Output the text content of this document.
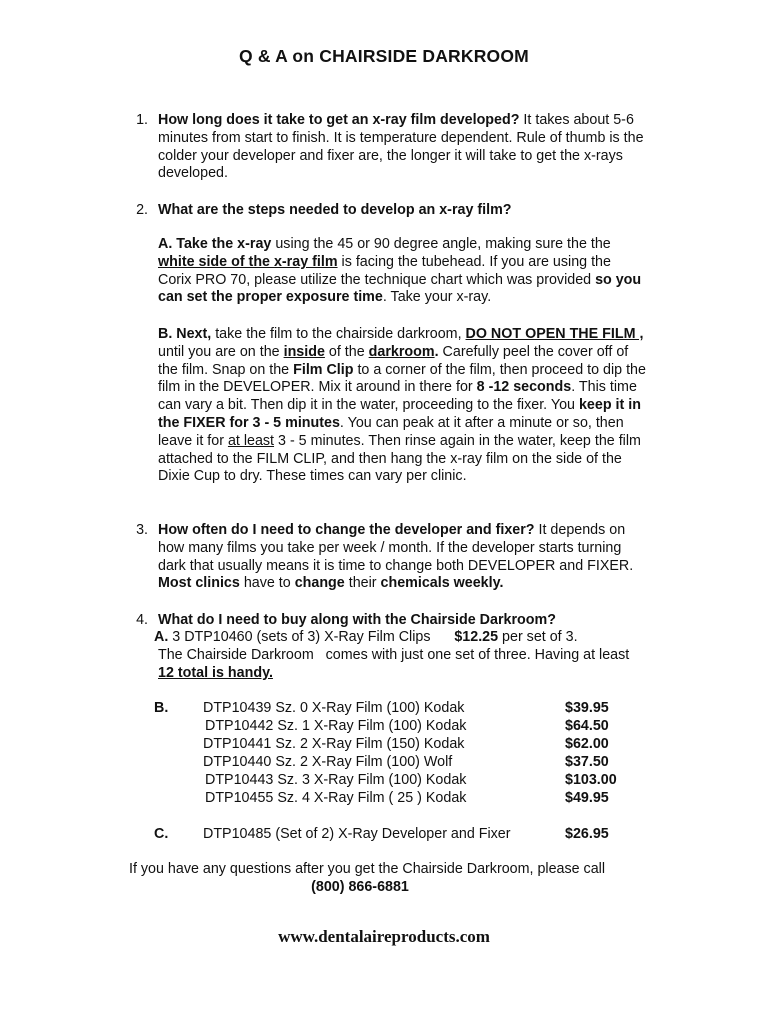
Q & A on CHAIRSIDE DARKROOM
1. How long does it take to get an x-ray film developed? It takes about 5-6 minutes from start to finish. It is temperature dependent. Rule of thumb is the colder your developer and fixer are, the longer it will take to get the x-rays developed.

2. What are the steps needed to develop an x-ray film?

A. Take the x-ray using the 45 or 90 degree angle, making sure the the white side of the x-ray film is facing the tubehead. If you are using the Corix PRO 70, please utilize the technique chart which was provided so you can set the proper exposure time. Take your x-ray.

B. Next, take the film to the chairside darkroom, DO NOT OPEN THE FILM , until you are on the inside of the darkroom. Carefully peel the cover off of the film. Snap on the Film Clip to a corner of the film, then proceed to dip the film in the DEVELOPER. Mix it around in there for 8 -12 seconds. This time can vary a bit. Then dip it in the water, proceeding to the fixer. You keep it in the FIXER for 3 - 5 minutes. You can peak at it after a minute or so, then leave it for at least 3 - 5 minutes. Then rinse again in the water, keep the film attached to the FILM CLIP, and then hang the x-ray film on the side of the Dixie Cup to dry. These times can vary per clinic.

3. How often do I need to change the developer and fixer? It depends on how many films you take per week / month. If the developer starts turning dark that usually means it is time to change both DEVELOPER and FIXER. Most clinics have to change their chemicals weekly.

4. What do I need to buy along with the Chairside Darkroom?

A. 3 DTP10460 (sets of 3) X-Ray Film Clips      $12.25 per set of 3.
The Chairside Darkroom   comes with just one set of three. Having at least
12 total is handy.
B. DTP10439 Sz. 0 X-Ray Film (100) Kodak	$39.95
DTP10442 Sz. 1 X-Ray Film (100) Kodak	$64.50
DTP10441 Sz. 2 X-Ray Film (150) Kodak	$62.00
DTP10440 Sz. 2 X-Ray Film (100) Wolf	$37.50
DTP10443 Sz. 3 X-Ray Film (100) Kodak	$103.00
DTP10455 Sz. 4 X-Ray Film ( 25 ) Kodak	$49.95
C. DTP10485 (Set of 2) X-Ray Developer and Fixer	$26.95
If you have any questions after you get the Chairside Darkroom, please call
(800) 866-6881
www.dentalaireproducts.com
